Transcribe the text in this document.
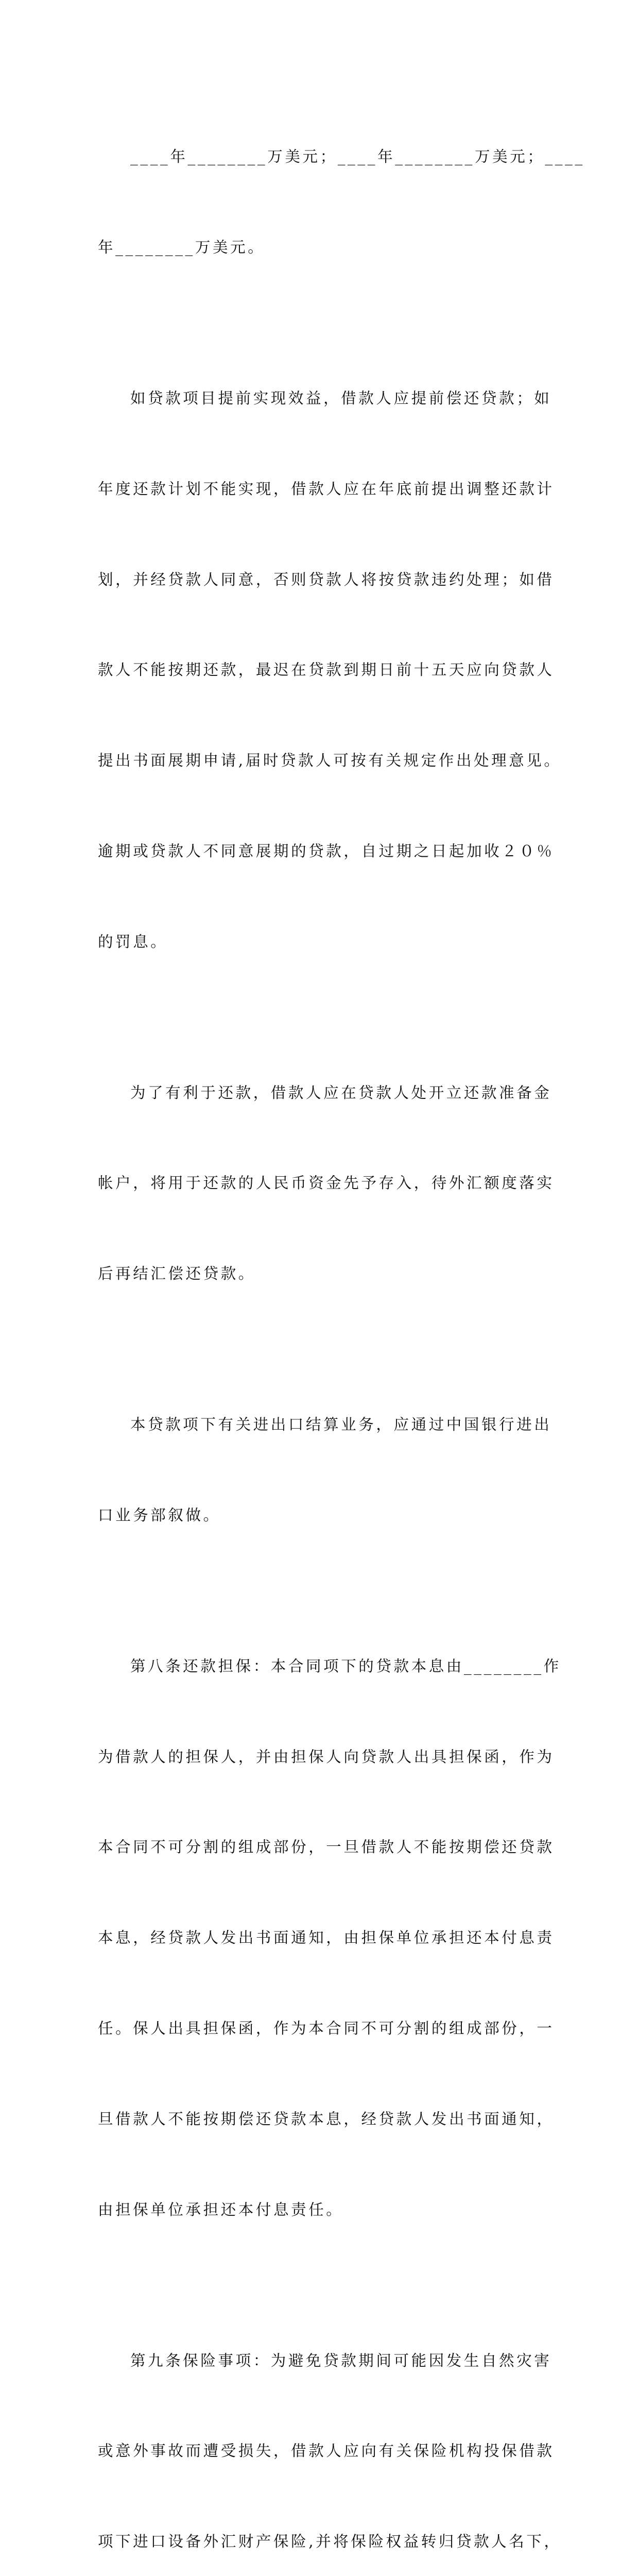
____年________万美元；____年________万美元；____

年________万美元。

如贷款项目提前实现效益，借款人应提前偿还贷款；如

年度还款计划不能实现，借款人应在年底前提出调整还款计

划，并经贷款人同意，否则贷款人将按贷款违约处理；如借

款人不能按期还款，最迟在贷款到期日前十五天应向贷款人

提出书面展期申请,届时贷款人可按有关规定作出处理意见。

逾期或贷款人不同意展期的贷款，自过期之日起加收２０％

的罚息。

为了有利于还款，借款人应在贷款人处开立还款准备金

帐户，将用于还款的人民币资金先予存入，待外汇额度落实

后再结汇偿还贷款。

本贷款项下有关进出口结算业务，应通过中国银行进出

口业务部叙做。

第八条还款担保：本合同项下的贷款本息由________作

为借款人的担保人，并由担保人向贷款人出具担保函，作为

本合同不可分割的组成部份，一旦借款人不能按期偿还贷款

本息，经贷款人发出书面通知，由担保单位承担还本付息责

任。保人出具担保函，作为本合同不可分割的组成部份，一

旦借款人不能按期偿还贷款本息，经贷款人发出书面通知，

由担保单位承担还本付息责任。

第九条保险事项：为避免贷款期间可能因发生自然灾害

或意外事故而遭受损失，借款人应向有关保险机构投保借款

项下进口设备外汇财产保险,并将保险权益转归贷款人名下，
